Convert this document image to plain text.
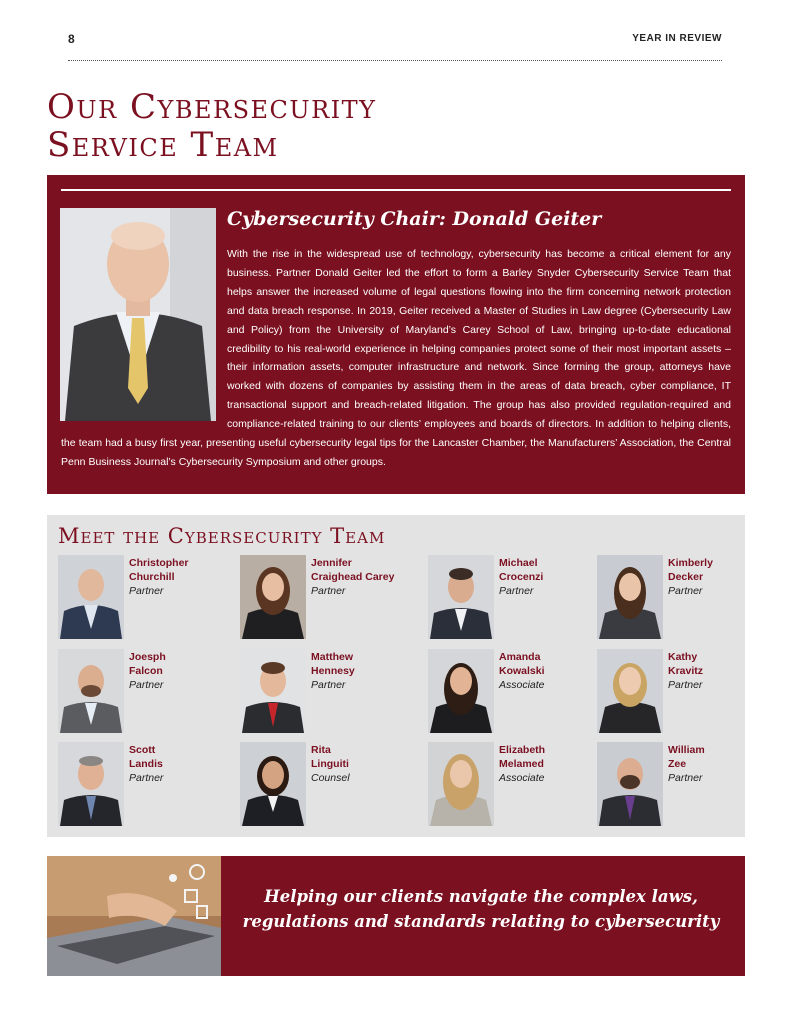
8	YEAR IN REVIEW
Our Cybersecurity
Service Team
Cybersecurity Chair: Donald Geiter

With the rise in the widespread use of technology, cybersecurity has become a critical element for any business. Partner Donald Geiter led the effort to form a Barley Snyder Cybersecurity Service Team that helps answer the increased volume of legal questions flowing into the firm concerning network protection and data breach response. In 2019, Geiter received a Master of Studies in Law degree (Cybersecurity Law and Policy) from the University of Maryland’s Carey School of Law, bringing up-to-date educational credibility to his real-world experience in helping companies protect some of their most important assets – their information assets, computer infrastructure and network. Since forming the group, attorneys have worked with dozens of companies by assisting them in the areas of data breach, cyber compliance, IT transactional support and breach-related litigation. The group has also provided regulation-required and compliance-related training to our clients’ employees and boards of directors. In addition to helping clients, the team had a busy first year, presenting useful cybersecurity legal tips for the Lancaster Chamber, the Manufacturers’ Association, the Central Penn Business Journal’s Cybersecurity Symposium and other groups.

Meet the Cybersecurity Team
Christopher
Churchill
Partner
Jennifer
Craighead Carey
Partner
Michael
Crocenzi
Partner
Kimberly
Decker
Partner
Joesph
Falcon
Partner
Matthew
Hennesy
Partner
Amanda
Kowalski
Associate
Kathy
Kravitz
Partner
Scott
Landis
Partner
Rita
Linguiti
Counsel
Elizabeth
Melamed
Associate
William
Zee
Partner

Helping our clients navigate the complex laws,
regulations and standards relating to cybersecurity
